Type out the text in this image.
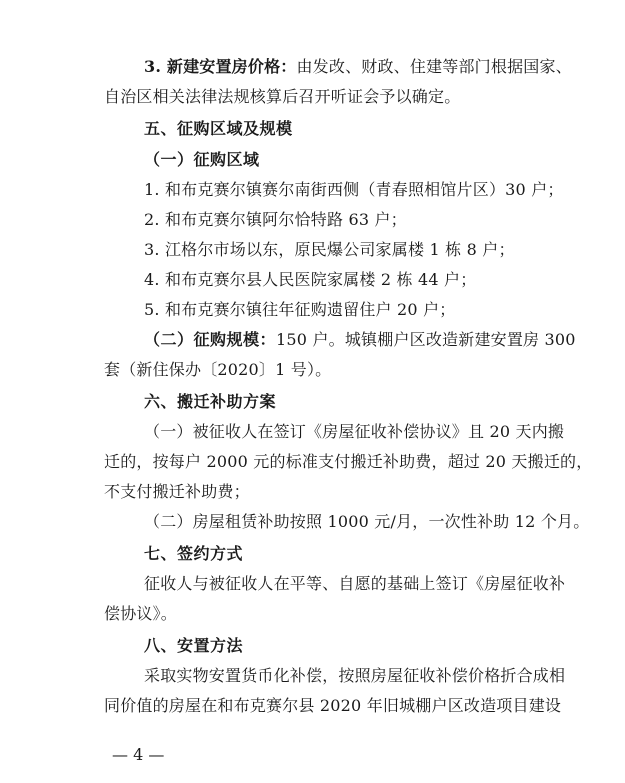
3. 新建安置房价格：由发改、财政、住建等部门根据国家、
自治区相关法律法规核算后召开听证会予以确定。
五、征购区域及规模
（一）征购区域
1. 和布克赛尔镇赛尔南街西侧（青春照相馆片区）30 户；
2. 和布克赛尔镇阿尔恰特路 63 户；
3. 江格尔市场以东，原民爆公司家属楼 1 栋 8 户；
4. 和布克赛尔县人民医院家属楼 2 栋 44 户；
5. 和布克赛尔镇往年征购遗留住户 20 户；
（二）征购规模：150 户。城镇棚户区改造新建安置房 300
套（新住保办〔2020〕1 号）。
六、搬迁补助方案
（一）被征收人在签订《房屋征收补偿协议》且 20 天内搬
迁的，按每户 2000 元的标准支付搬迁补助费，超过 20 天搬迁的，
不支付搬迁补助费；
（二）房屋租赁补助按照 1000 元/月，一次性补助 12 个月。
七、签约方式
征收人与被征收人在平等、自愿的基础上签订《房屋征收补
偿协议》。
八、安置方法
采取实物安置货币化补偿，按照房屋征收补偿价格折合成相
同价值的房屋在和布克赛尔县 2020 年旧城棚户区改造项目建设
— 4 —
